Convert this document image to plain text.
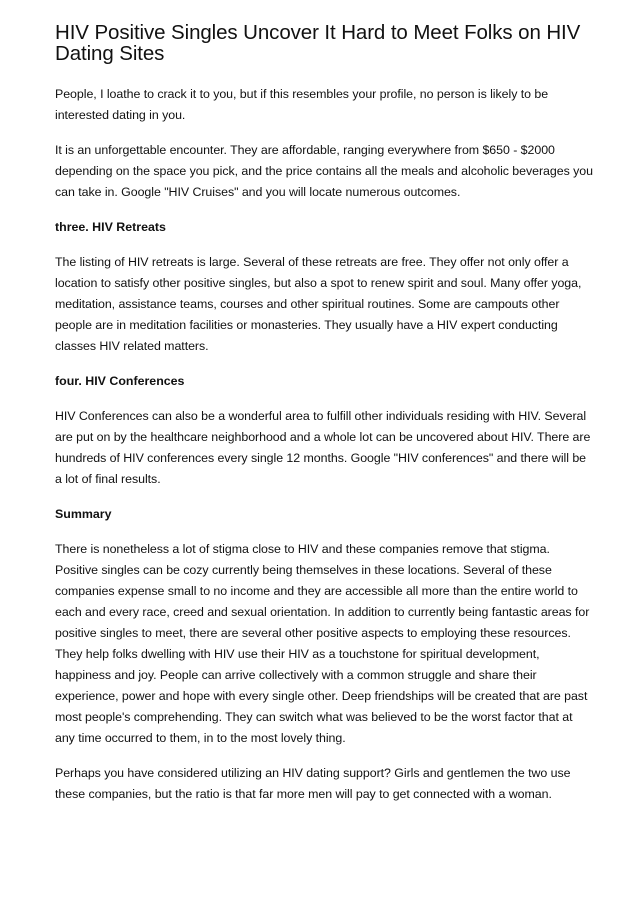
HIV Positive Singles Uncover It Hard to Meet Folks on HIV Dating Sites

People, I loathe to crack it to you, but if this resembles your profile, no person is likely to be interested dating in you.

It is an unforgettable encounter. They are affordable, ranging everywhere from $650 - $2000 depending on the space you pick, and the price contains all the meals and alcoholic beverages you can take in. Google "HIV Cruises" and you will locate numerous outcomes.

three. HIV Retreats

The listing of HIV retreats is large. Several of these retreats are free. They offer not only offer a location to satisfy other positive singles, but also a spot to renew spirit and soul. Many offer yoga, meditation, assistance teams, courses and other spiritual routines. Some are campouts other people are in meditation facilities or monasteries. They usually have a HIV expert conducting classes HIV related matters.

four. HIV Conferences

HIV Conferences can also be a wonderful area to fulfill other individuals residing with HIV. Several are put on by the healthcare neighborhood and a whole lot can be uncovered about HIV. There are hundreds of HIV conferences every single 12 months. Google "HIV conferences" and there will be a lot of final results.

Summary

There is nonetheless a lot of stigma close to HIV and these companies remove that stigma. Positive singles can be cozy currently being themselves in these locations. Several of these companies expense small to no income and they are accessible all more than the entire world to each and every race, creed and sexual orientation. In addition to currently being fantastic areas for positive singles to meet, there are several other positive aspects to employing these resources. They help folks dwelling with HIV use their HIV as a touchstone for spiritual development, happiness and joy. People can arrive collectively with a common struggle and share their experience, power and hope with every single other. Deep friendships will be created that are past most people's comprehending. They can switch what was believed to be the worst factor that at any time occurred to them, in to the most lovely thing.

Perhaps you have considered utilizing an HIV dating support? Girls and gentlemen the two use these companies, but the ratio is that far more men will pay to get connected with a woman.
